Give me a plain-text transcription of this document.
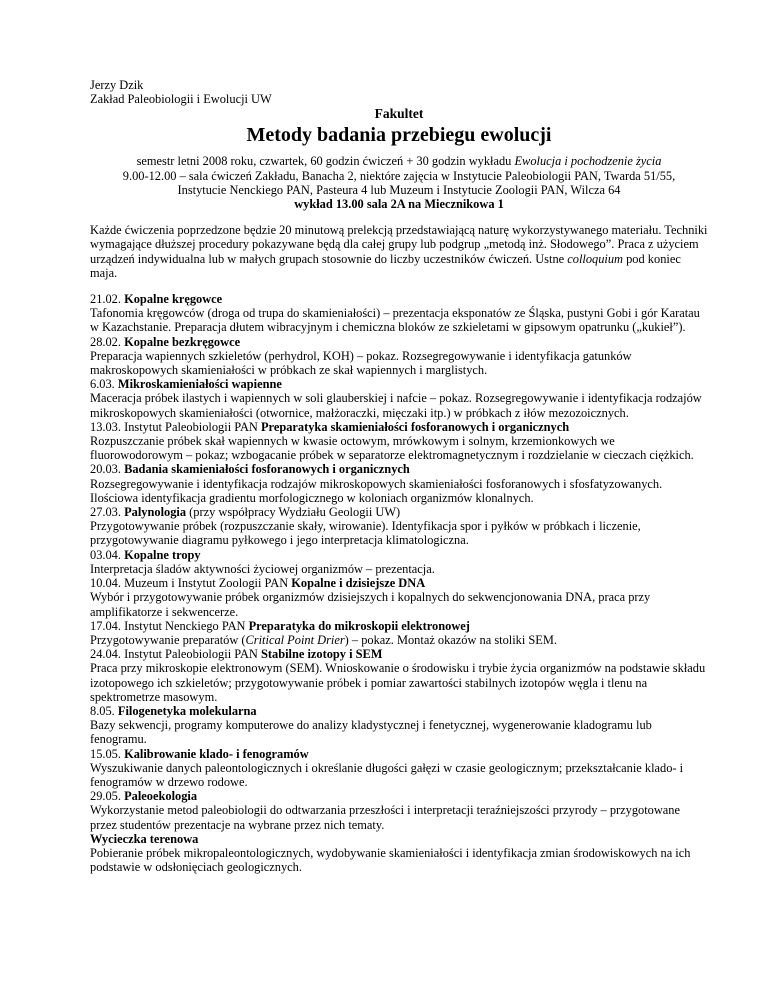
Jerzy Dzik
Zakład Paleobiologii i Ewolucji UW
Fakultet
Metody badania przebiegu ewolucji
semestr letni 2008 roku, czwartek, 60 godzin ćwiczeń + 30 godzin wykładu Ewolucja i pochodzenie życia
9.00-12.00 – sala ćwiczeń Zakładu, Banacha 2, niektóre zajęcia w Instytucie Paleobiologii PAN, Twarda 51/55,
Instytucie Nenckiego PAN, Pasteura 4 lub Muzeum i Instytucie Zoologii PAN, Wilcza 64
wykład 13.00 sala 2A na Miecznikowa 1
Każde ćwiczenia poprzedzone będzie 20 minutową prelekcją przedstawiającą naturę wykorzystywanego materiału. Techniki wymagające dłuższej procedury pokazywane będą dla całej grupy lub podgrup „metodą inż. Słodowego”. Praca z użyciem urządzeń indywidualna lub w małych grupach stosownie do liczby uczestników ćwiczeń. Ustne colloquium pod koniec maja.
21.02. Kopalne kręgowce
Tafonomia kręgowców (droga od trupa do skamieniałości) – prezentacja eksponatów ze Śląska, pustyni Gobi i gór Karatau w Kazachstanie. Preparacja dłutem wibracyjnym i chemiczna bloków ze szkieletami w gipsowym opatrunku („kukieł”).
28.02. Kopalne bezkręgowce
Preparacja wapiennych szkieletów (perhydrol, KOH) – pokaz. Rozsegregowywanie i identyfikacja gatunków makroskopowych skamieniałości w próbkach ze skał wapiennych i marglistych.
6.03. Mikroskamieniałości wapienne
Maceracja próbek ilastych i wapiennych w soli glauberskiej i nafcie – pokaz. Rozsegregowywanie i identyfikacja rodzajów mikroskopowych skamieniałości (otwornice, małżoraczki, mięczaki itp.) w próbkach z iłów mezozoicznych.
13.03. Instytut Paleobiologii PAN Preparatyka skamieniałości fosforanowych i organicznych
Rozpuszczanie próbek skał wapiennych w kwasie octowym, mrówkowym i solnym, krzemionkowych we fluorowodorowym – pokaz; wzbogacanie próbek w separatorze elektromagnetycznym i rozdzielanie w cieczach ciężkich.
20.03. Badania skamieniałości fosforanowych i organicznych
Rozsegregowywanie i identyfikacja rodzajów mikroskopowych skamieniałości fosforanowych i sfosfatyzowanych. Ilościowa identyfikacja gradientu morfologicznego w koloniach organizmów klonalnych.
27.03. Palynologia (przy współpracy Wydziału Geologii UW)
Przygotowywanie próbek (rozpuszczanie skały, wirowanie). Identyfikacja spor i pyłków w próbkach i liczenie, przygotowywanie diagramu pyłkowego i jego interpretacja klimatologiczna.
03.04. Kopalne tropy
Interpretacja śladów aktywności życiowej organizmów – prezentacja.
10.04. Muzeum i Instytut Zoologii PAN Kopalne i dzisiejsze DNA
Wybór i przygotowywanie próbek organizmów dzisiejszych i kopalnych do sekwencjonowania DNA, praca przy amplifikatorze i sekwencerze.
17.04. Instytut Nenckiego PAN Preparatyka do mikroskopii elektronowej
Przygotowywanie preparatów (Critical Point Drier) – pokaz. Montaż okazów na stoliki SEM.
24.04. Instytut Paleobiologii PAN Stabilne izotopy i SEM
Praca przy mikroskopie elektronowym (SEM). Wnioskowanie o środowisku i trybie życia organizmów na podstawie składu izotopowego ich szkieletów; przygotowywanie próbek i pomiar zawartości stabilnych izotopów węgla i tlenu na spektrometrze masowym.
8.05. Filogenetyka molekularna
Bazy sekwencji, programy komputerowe do analizy kladystycznej i fenetycznej, wygenerowanie kladogramu lub fenogramu.
15.05. Kalibrowanie klado- i fenogramów
Wyszukiwanie danych paleontologicznych i określanie długości gałęzi w czasie geologicznym; przekształcanie klado- i fenogramów w drzewo rodowe.
29.05. Paleoekologia
Wykorzystanie metod paleobiologii do odtwarzania przeszłości i interpretacji teraźniejszości przyrody – przygotowane przez studentów prezentacje na wybrane przez nich tematy.
Wycieczka terenowa
Pobieranie próbek mikropaleontologicznych, wydobywanie skamieniałości i identyfikacja zmian środowiskowych na ich podstawie w odsłonięciach geologicznych.
